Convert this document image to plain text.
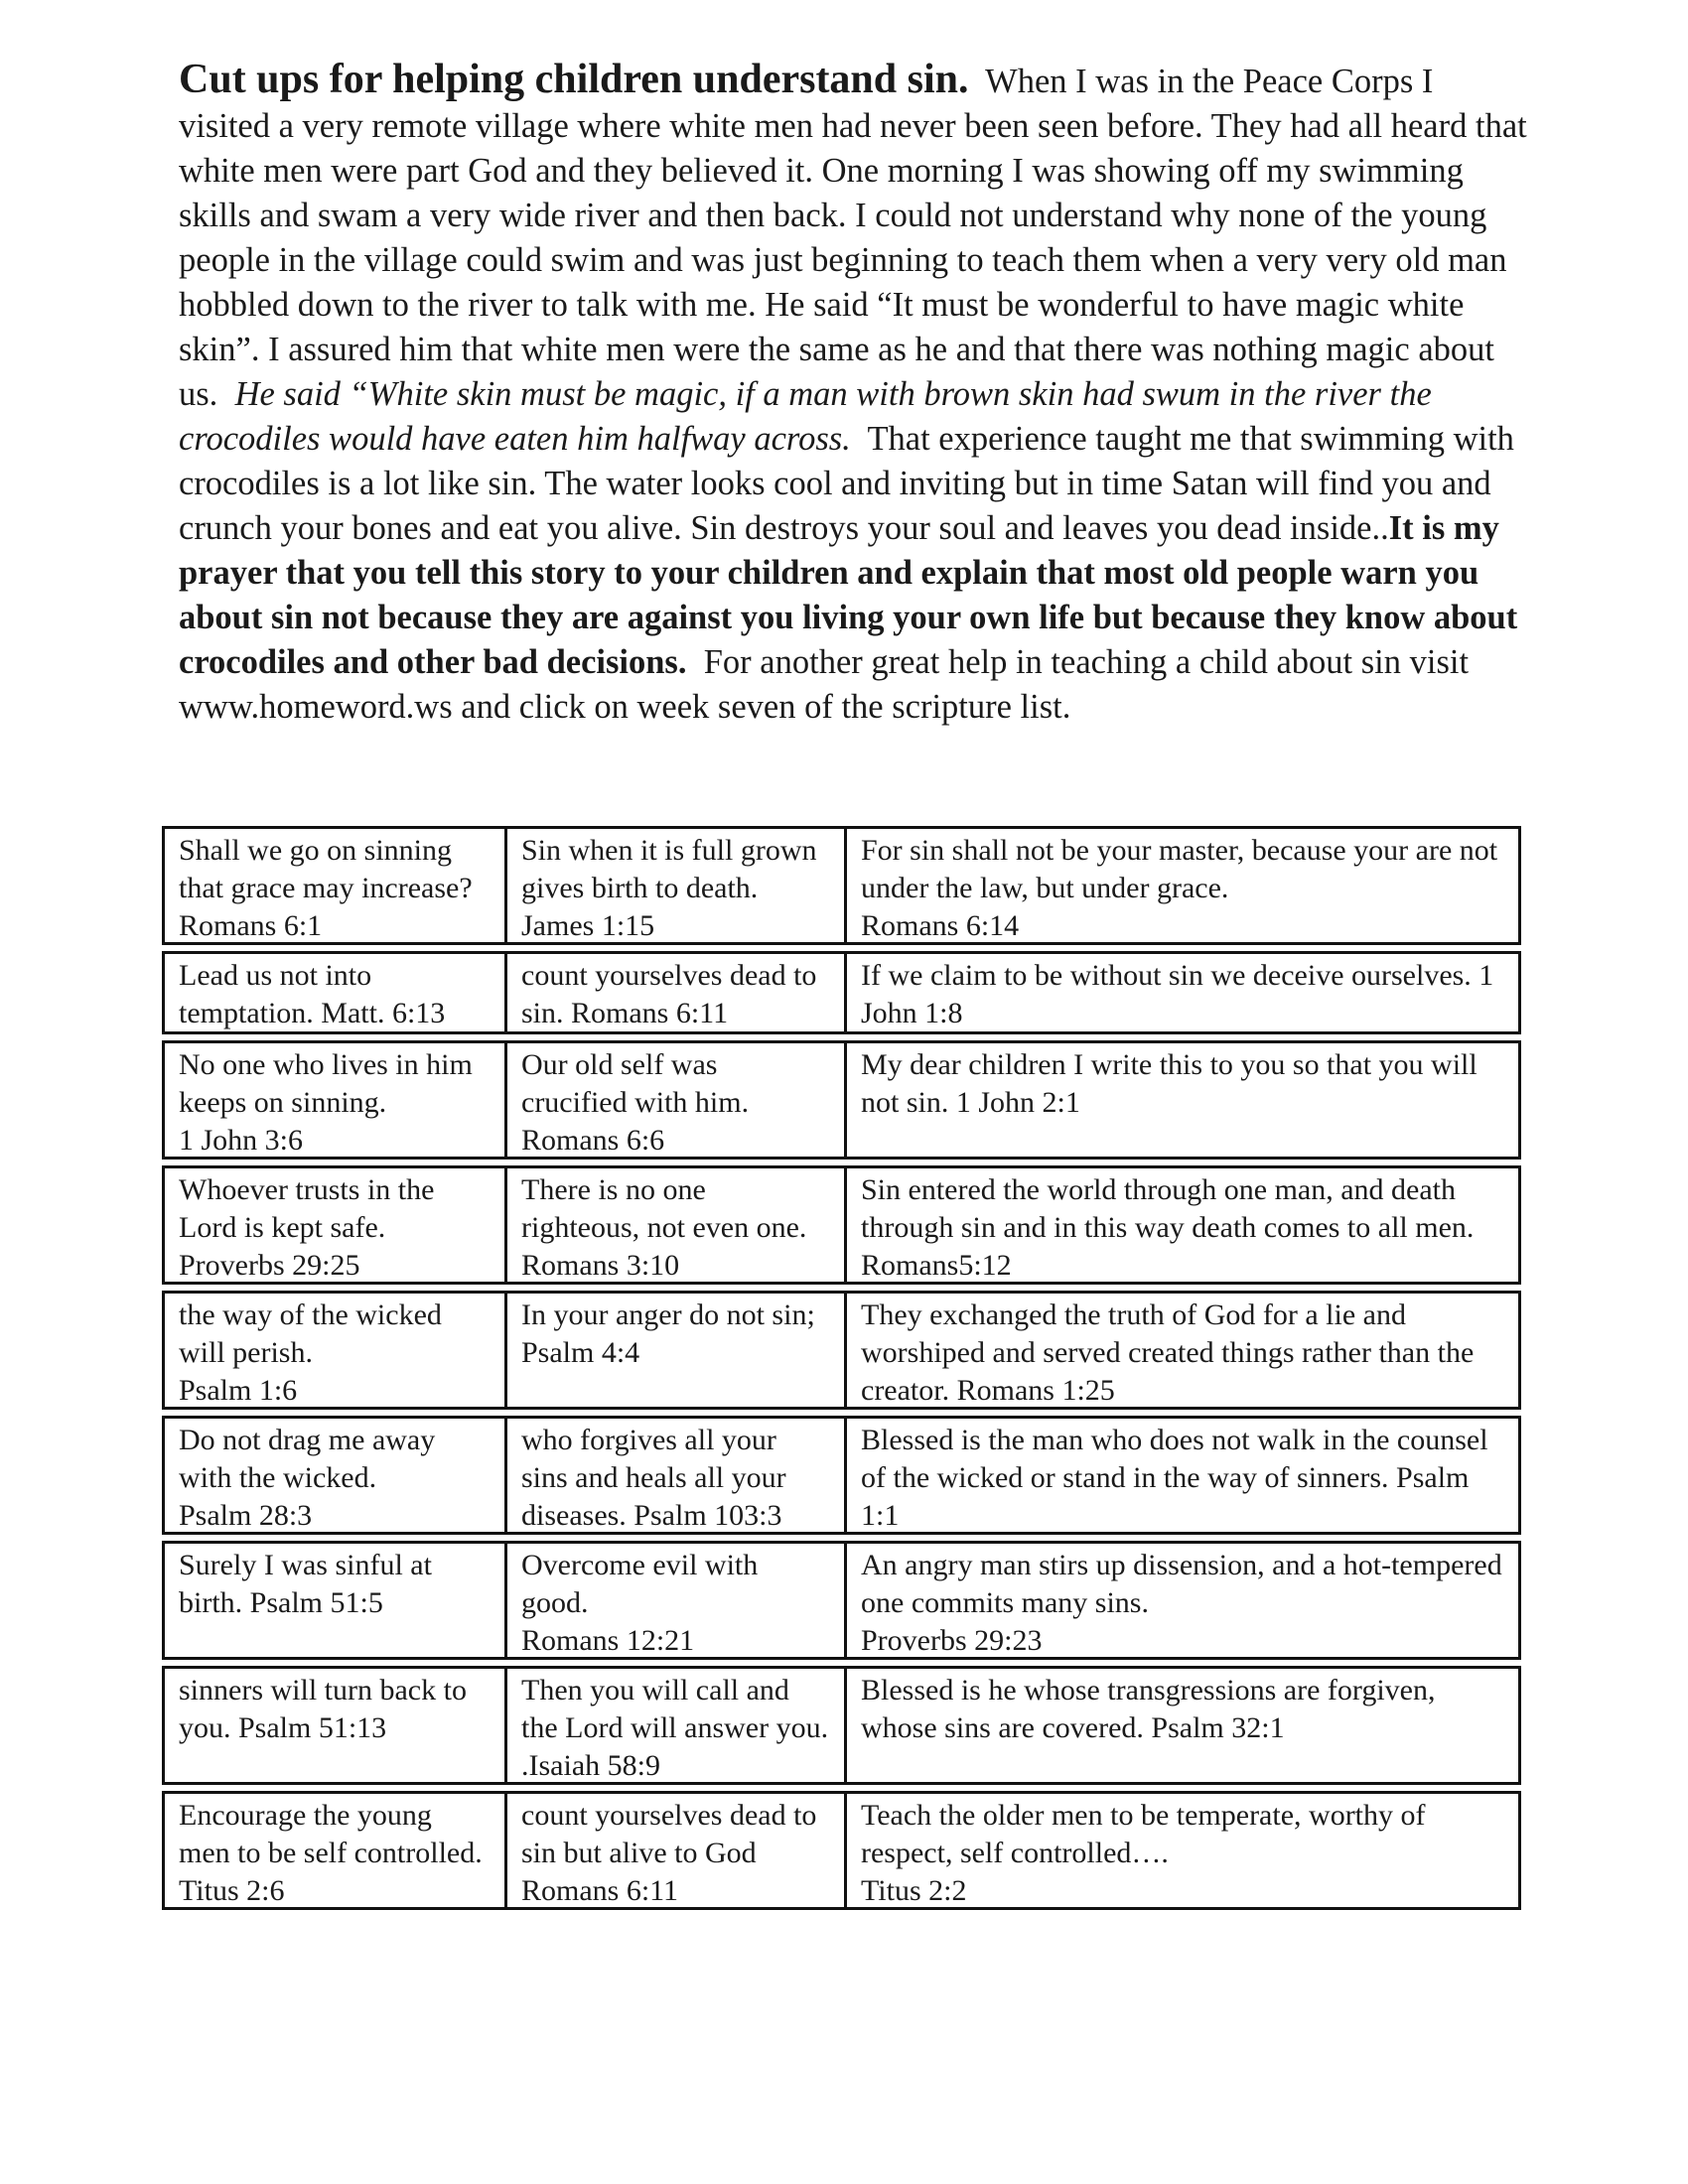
Cut ups for helping children understand sin. When I was in the Peace Corps I visited a very remote village where white men had never been seen before. They had all heard that white men were part God and they believed it. One morning I was showing off my swimming skills and swam a very wide river and then back. I could not understand why none of the young people in the village could swim and was just beginning to teach them when a very very old man hobbled down to the river to talk with me. He said “It must be wonderful to have magic white skin”. I assured him that white men were the same as he and that there was nothing magic about us. He said “White skin must be magic, if a man with brown skin had swum in the river the crocodiles would have eaten him halfway across. That experience taught me that swimming with crocodiles is a lot like sin. The water looks cool and inviting but in time Satan will find you and crunch your bones and eat you alive. Sin destroys your soul and leaves you dead inside..It is my prayer that you tell this story to your children and explain that most old people warn you about sin not because they are against you living your own life but because they know about crocodiles and other bad decisions. For another great help in teaching a child about sin visit www.homeword.ws and click on week seven of the scripture list.

Shall we go on sinning that grace may increase? Romans 6:1
Sin when it is full grown gives birth to death. James 1:15
For sin shall not be your master, because your are not under the law, but under grace.
Romans 6:14
Lead us not into temptation. Matt. 6:13
count yourselves dead to sin. Romans 6:11
If we claim to be without sin we deceive ourselves. 1 John 1:8
No one who lives in him keeps on sinning.
1 John 3:6
Our old self was crucified with him.
Romans 6:6
My dear children I write this to you so that you will not sin. 1 John 2:1
Whoever trusts in the Lord is kept safe.
Proverbs 29:25
There is no one righteous, not even one. Romans 3:10
Sin entered the world through one man, and death through sin and in this way death comes to all men. Romans5:12
the way of the wicked will perish.
Psalm 1:6
In your anger do not sin; Psalm 4:4
They exchanged the truth of God for a lie and worshiped and served created things rather than the creator. Romans 1:25
Do not drag me away with the wicked.
Psalm 28:3
who forgives all your sins and heals all your diseases. Psalm 103:3
Blessed is the man who does not walk in the counsel of the wicked or stand in the way of sinners. Psalm 1:1
Surely I was sinful at birth. Psalm 51:5
Overcome evil with good.
Romans 12:21
An angry man stirs up dissension, and a hot-tempered one commits many sins.
Proverbs 29:23
sinners will turn back to you. Psalm 51:13
Then you will call and the Lord will answer you. .Isaiah 58:9
Blessed is he whose transgressions are forgiven, whose sins are covered. Psalm 32:1
Encourage the young men to be self controlled. Titus 2:6
count yourselves dead to sin but alive to God Romans 6:11
Teach the older men to be temperate, worthy of respect, self controlled….
Titus 2:2
